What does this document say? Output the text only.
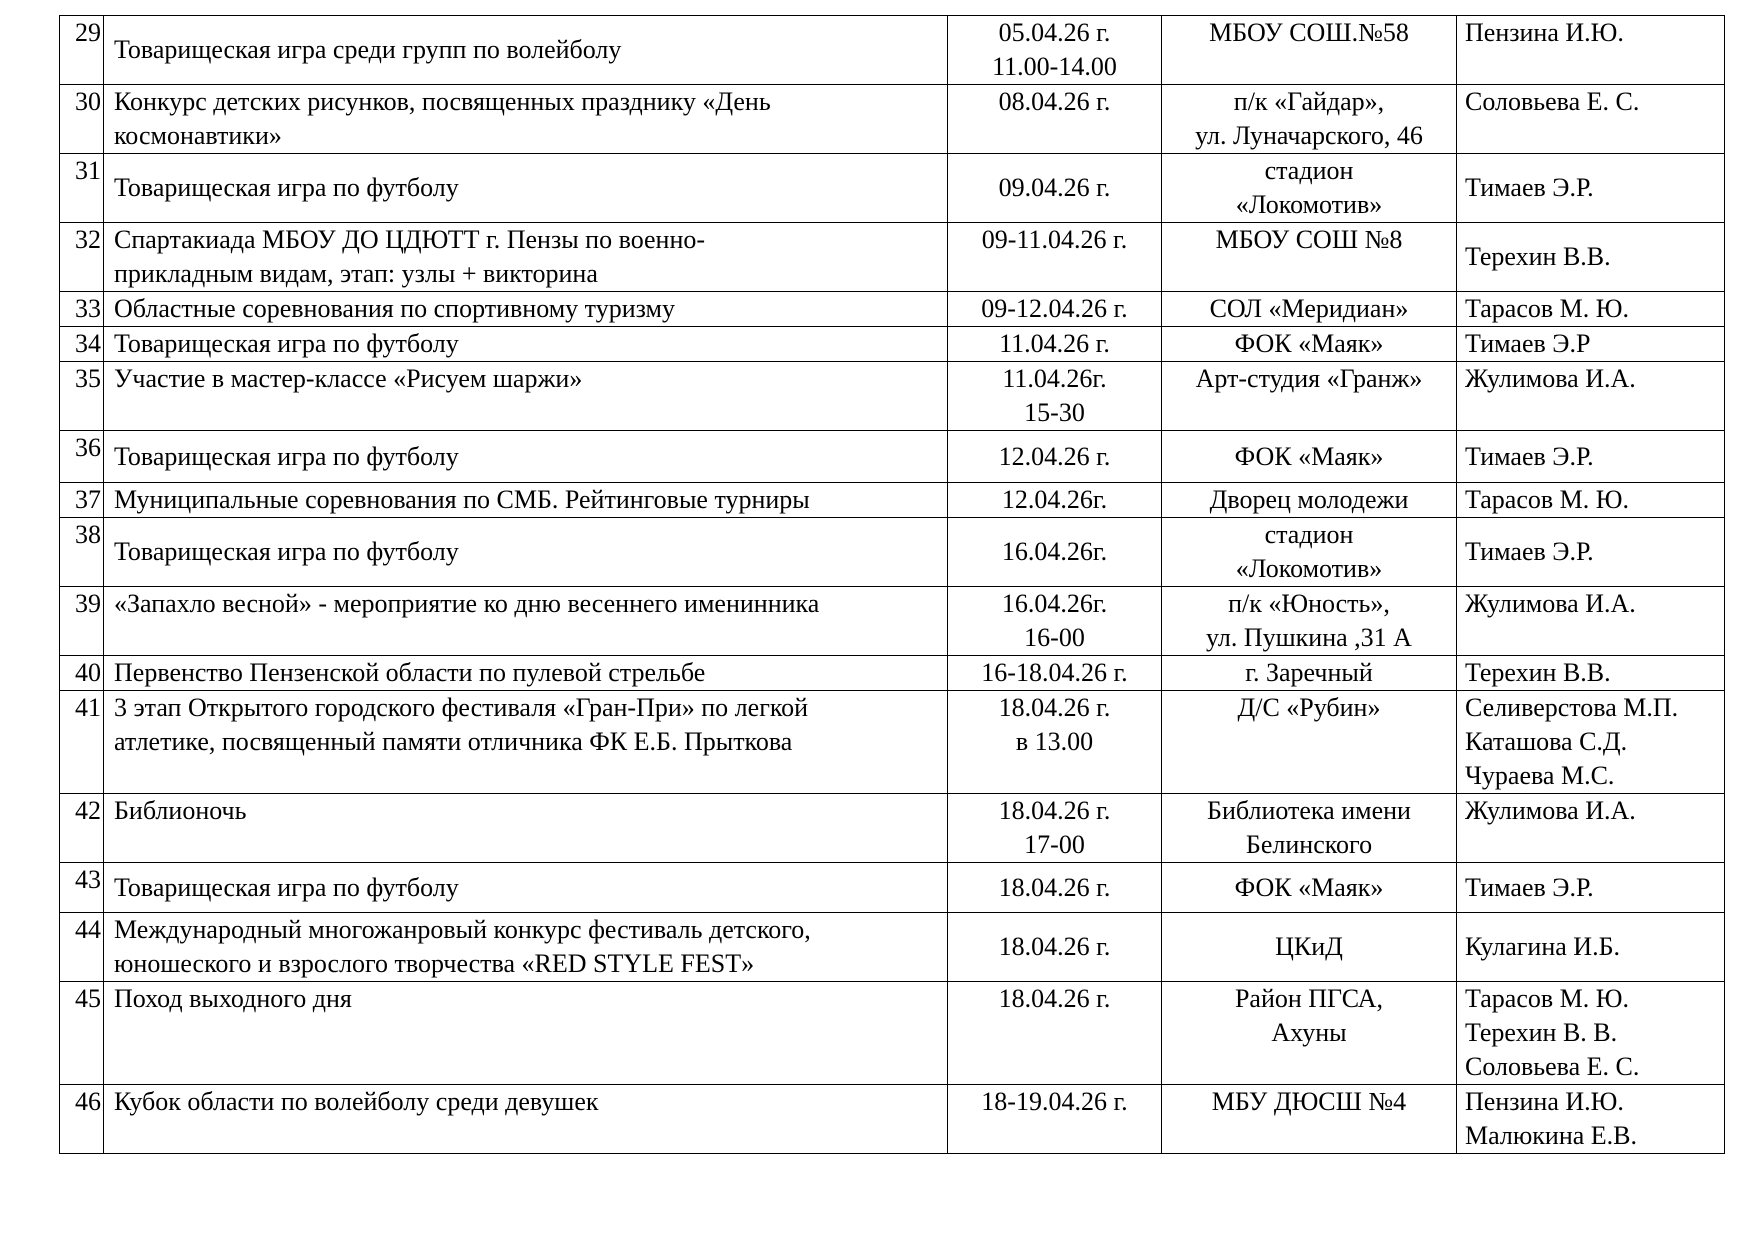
29	Товарищеская игра среди групп по волейболу	05.04.26 г.
11.00-14.00	МБОУ СОШ.№58	Пензина И.Ю.

30	Конкурс детских рисунков, посвященных празднику «День
космонавтики»	08.04.26 г.	п/к «Гайдар»,
ул. Луначарского, 46	Соловьева Е. С.

31	Товарищеская игра по футболу	09.04.26 г.	стадион
«Локомотив»	Тимаев Э.Р.

32	Спартакиада МБОУ ДО ЦДЮТТ г. Пензы по военно-
прикладным видам, этап: узлы + викторина	09-11.04.26 г.	МБОУ СОШ №8	Терехин В.В.

33	Областные соревнования по спортивному туризму	09-12.04.26 г.	СОЛ «Меридиан»	Тарасов М. Ю.

34	Товарищеская игра по футболу	11.04.26 г.	ФОК «Маяк»	Тимаев Э.Р

35	Участие в мастер-классе «Рисуем шаржи»	11.04.26г.
15-30	Арт-студия «Гранж»	Жулимова И.А.

36	Товарищеская игра по футболу	12.04.26 г.	ФОК «Маяк»	Тимаев Э.Р.

37	Муниципальные соревнования по СМБ. Рейтинговые турниры	12.04.26г.	Дворец молодежи	Тарасов М. Ю.

38	Товарищеская игра по футболу	16.04.26г.	стадион
«Локомотив»	Тимаев Э.Р.

39	«Запахло весной» - мероприятие ко дню весеннего именинника	16.04.26г.
16-00	п/к «Юность»,
ул. Пушкина ,31 А	Жулимова И.А.

40	Первенство Пензенской области по пулевой стрельбе	16-18.04.26 г.	г. Заречный	Терехин В.В.

41	3 этап Открытого городского фестиваля «Гран-При» по легкой
атлетике, посвященный памяти отличника ФК Е.Б. Прыткова	18.04.26 г.
в 13.00	Д/С «Рубин»	Селиверстова М.П.
Каташова С.Д.
Чураева М.С.

42	Библионочь	18.04.26 г.
17-00	Библиотека имени
Белинского	Жулимова И.А.

43	Товарищеская игра по футболу	18.04.26 г.	ФОК «Маяк»	Тимаев Э.Р.

44	Международный многожанровый конкурс фестиваль детского,
юношеского и взрослого творчества «RED STYLE FEST»	18.04.26 г.	ЦКиД	Кулагина И.Б.

45	Поход выходного дня	18.04.26 г.	Район ПГСА,
Ахуны	Тарасов М. Ю.
Терехин В. В.
Соловьева Е. С.

46	Кубок области по волейболу среди девушек	18-19.04.26 г.	МБУ ДЮСШ №4	Пензина И.Ю.
Малюкина Е.В.
